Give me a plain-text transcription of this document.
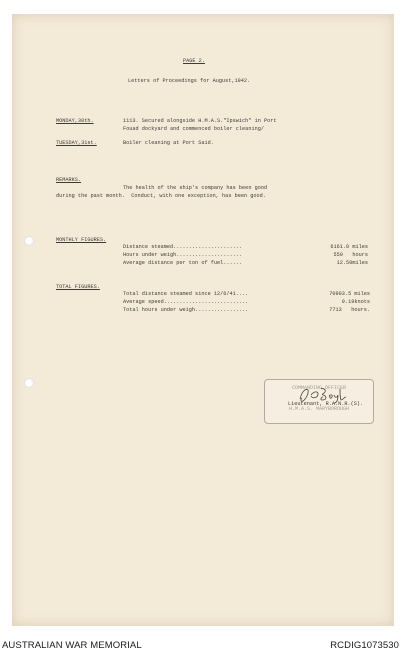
PAGE 2.
Letters of Proceedings for August,1942.
MONDAY,30th.	1113. Secured alongside H.M.A.S."Ipswich" in Port
Fouad dockyard and commenced boiler cleaning/
TUESDAY,31st.	Boiler cleaning at Port Said.
REMARKS.
The health of the ship's company has been good
during the past month.  Conduct, with one exception, has been good.
MONTHLY FIGURES.
Distance steamed......................	6161.0 miles
Hours under weigh.....................	550   hours
Average distance per ton of fuel......	12.50miles
TOTAL FIGURES.
Total distance steamed since 12/6/41....	70903.5 miles
Average speed...........................	9.19knots
Total hours under weigh.................	7713   hours.
COMMANDING OFFICER
H.M.A.S. MARYBOROUGH
Lieutenant, R.A.N.R.(S).
AUSTRALIAN WAR MEMORIAL	RCDIG1073530
